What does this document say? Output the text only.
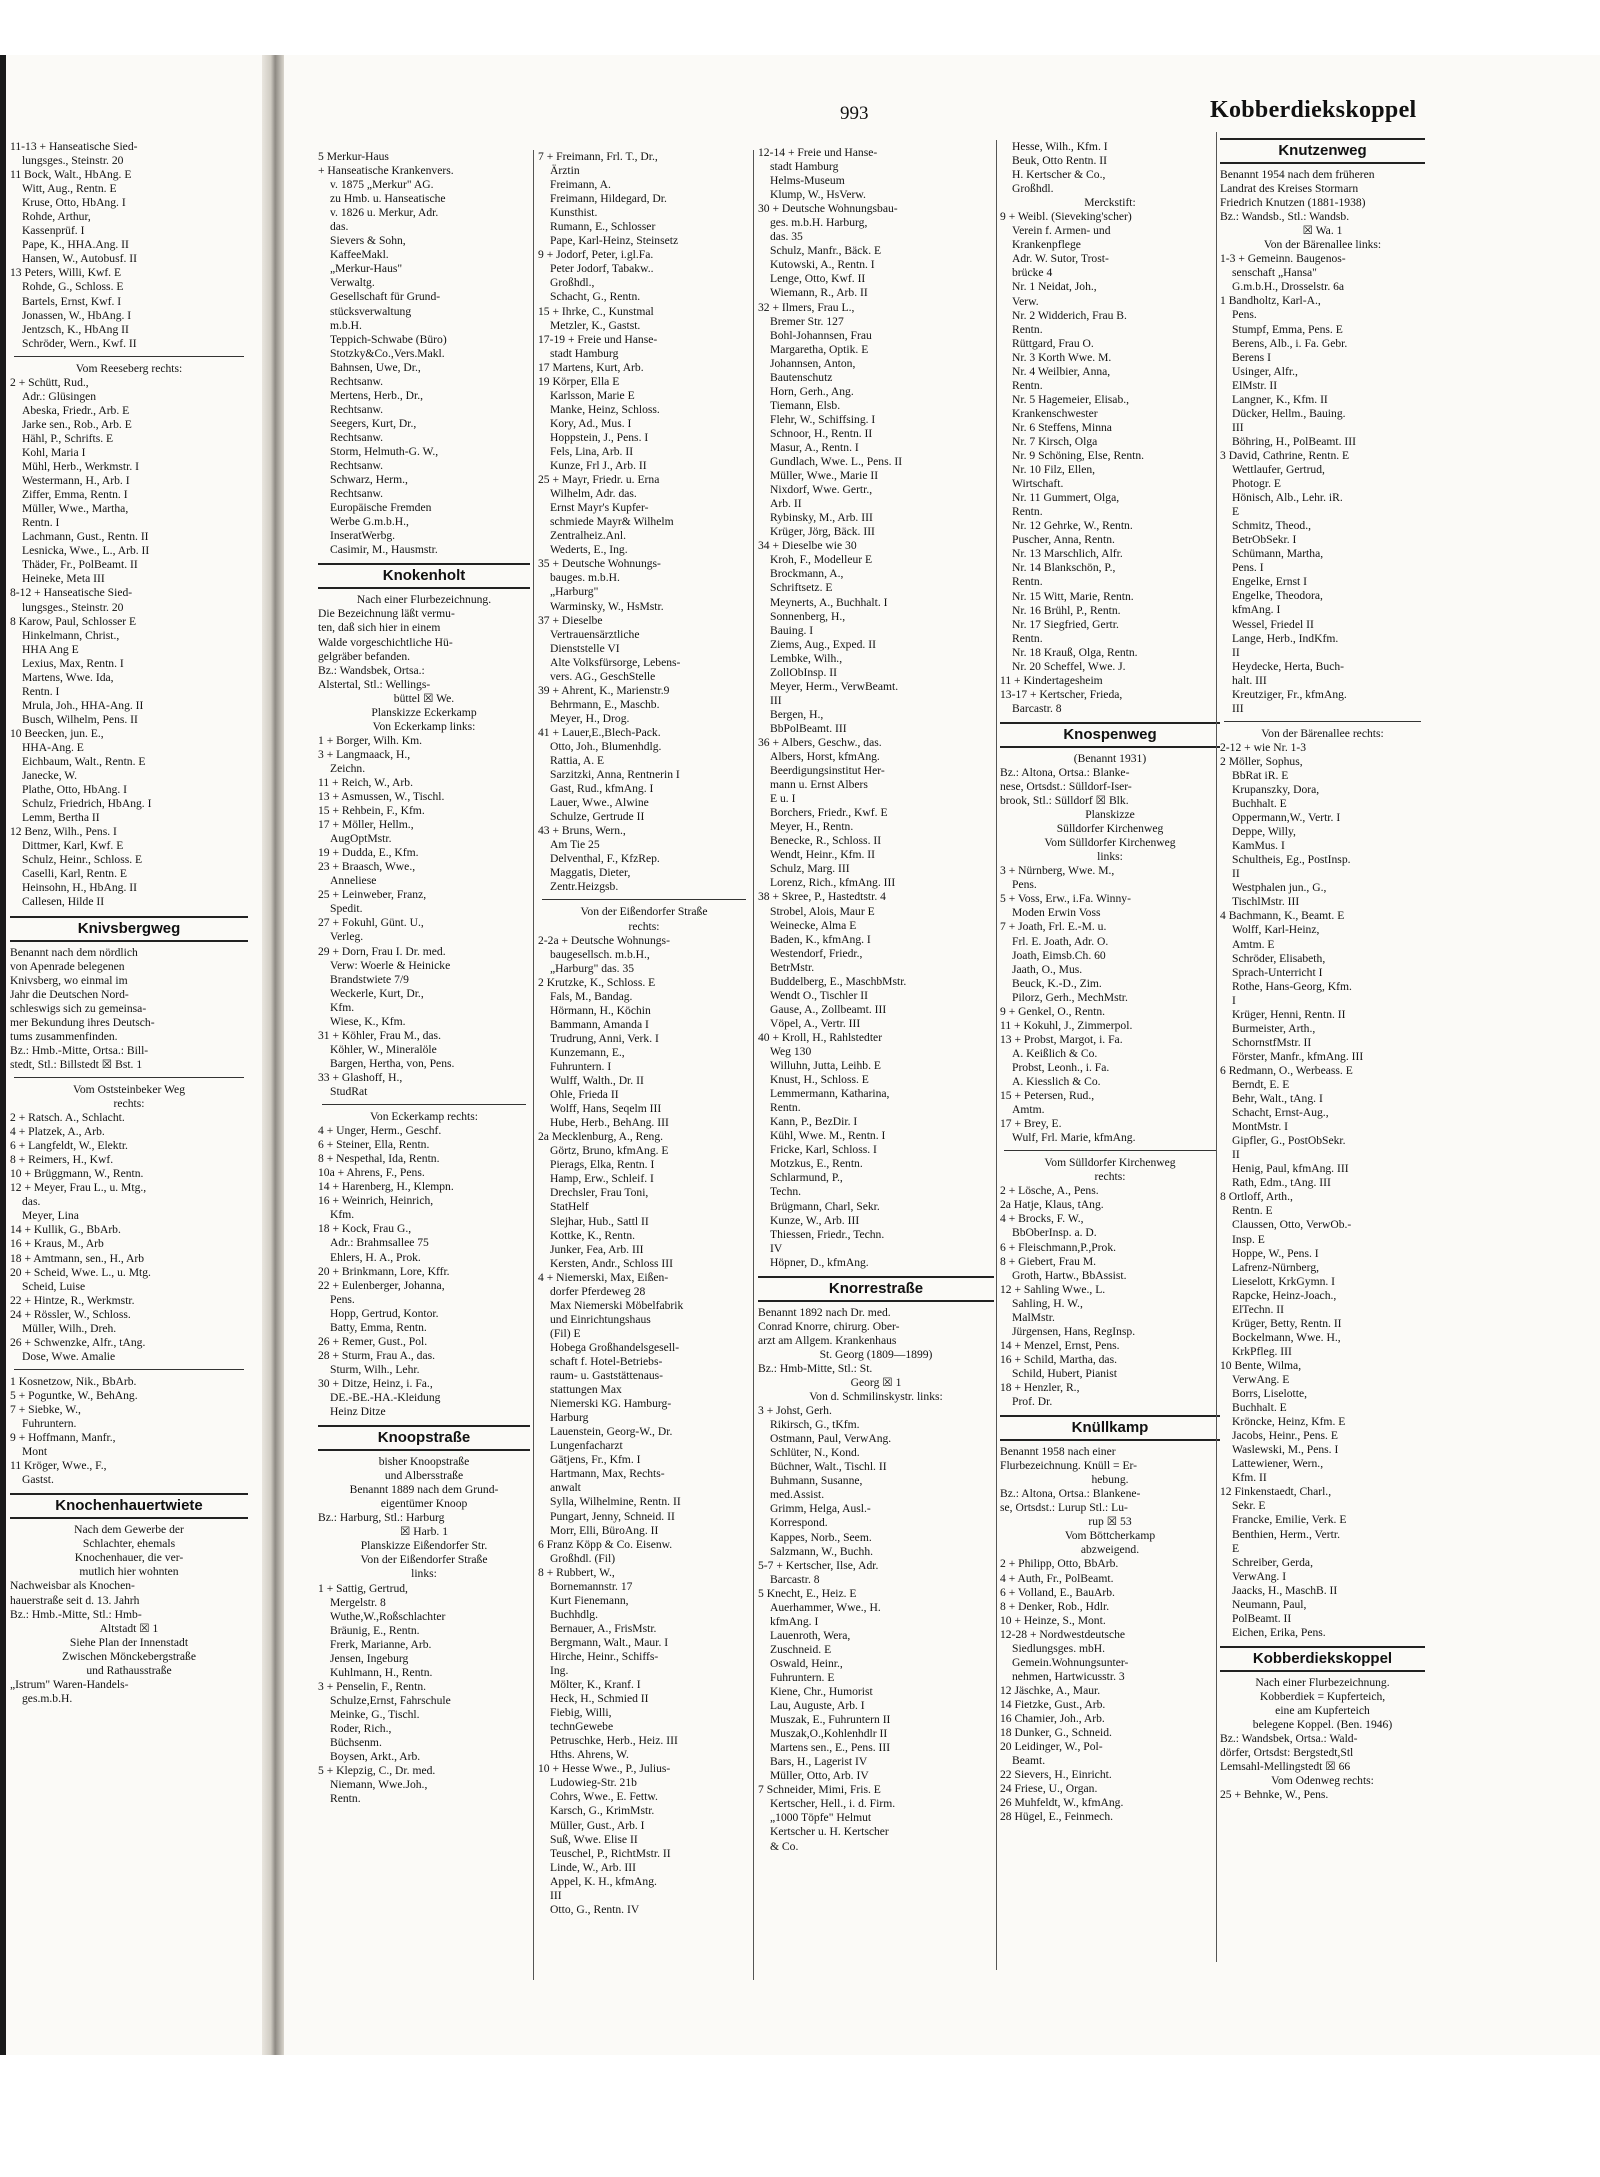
993	Kobberdiekskoppel
11-13 + Hanseatische Sied-
lungsges., Steinstr. 20
11 Bock, Walt., HbAng. E
Witt, Aug., Rentn. E
Kruse, Otto, HbAng. I
Rohde, Arthur,
Kassenprüf. I
Pape, K., HHA.Ang. II
Hansen, W., Autobusf. II
13 Peters, Willi, Kwf. E
Rohde, G., Schloss. E
Bartels, Ernst, Kwf. I
Jonassen, W., HbAng. I
Jentzsch, K., HbAng II
Schröder, Wern., Kwf. II
Vom Reeseberg rechts:
2 + Schütt, Rud.,
Adr.: Glüsingen
Abeska, Friedr., Arb. E
Jarke sen., Rob., Arb. E
Hähl, P., Schrifts. E
Kohl, Maria I
Mühl, Herb., Werkmstr. I
Westermann, H., Arb. I
Ziffer, Emma, Rentn. I
Müller, Wwe., Martha,
Rentn. I
Lachmann, Gust., Rentn. II
Lesnicka, Wwe., L., Arb. II
Thäder, Fr., PolBeamt. II
Heineke, Meta III
8-12 + Hanseatische Sied-
lungsges., Steinstr. 20
8 Karow, Paul, Schlosser E
Hinkelmann, Christ.,
HHA Ang E
Lexius, Max, Rentn. I
Martens, Wwe. Ida,
Rentn. I
Mrula, Joh., HHA-Ang. II
Busch, Wilhelm, Pens. II
10 Beecken, jun. E.,
HHA-Ang. E
Eichbaum, Walt., Rentn. E
Janecke, W.
Plathe, Otto, HbAng. I
Schulz, Friedrich, HbAng. I
Lemm, Bertha II
12 Benz, Wilh., Pens. I
Dittmer, Karl, Kwf. E
Schulz, Heinr., Schloss. E
Caselli, Karl, Rentn. E
Heinsohn, H., HbAng. II
Callesen, Hilde II
Knivsbergweg
Benannt nach dem nördlich
von Apenrade belegenen
Knivsberg, wo einmal im
Jahr die Deutschen Nord-
schleswigs sich zu gemeinsa-
mer Bekundung ihres Deutsch-
tums zusammenfinden.
Bz.: Hmb.-Mitte, Ortsa.: Bill-
stedt, Stl.: Billstedt ☒ Bst. 1
Vom Oststeinbeker Weg
rechts:
2 + Ratsch. A., Schlacht.
4 + Platzek, A., Arb.
6 + Langfeldt, W., Elektr.
8 + Reimers, H., Kwf.
10 + Brüggmann, W., Rentn.
12 + Meyer, Frau L., u. Mtg.,
das.
Meyer, Lina
14 + Kullik, G., BbArb.
16 + Kraus, M., Arb
18 + Amtmann, sen., H., Arb
20 + Scheid, Wwe. L., u. Mtg.
Scheid, Luise
22 + Hintze, R., Werkmstr.
24 + Rössler, W., Schloss.
Müller, Wilh., Dreh.
26 + Schwenzke, Alfr., tAng.
Dose, Wwe. Amalie
1 Kosnetzow, Nik., BbArb.
5 + Poguntke, W., BehAng.
7 + Siebke, W.,
Fuhruntern.
9 + Hoffmann, Manfr.,
Mont
11 Kröger, Wwe., F.,
Gastst.
Knochenhauertwiete
Nach dem Gewerbe der
Schlachter, ehemals
Knochenhauer, die ver-
mutlich hier wohnten
Nachweisbar als Knochen-
hauerstraße seit d. 13. Jahrh
Bz.: Hmb.-Mitte, Stl.: Hmb-
Altstadt ☒ 1
Siehe Plan der Innenstadt
Zwischen Mönckebergstraße
und Rathausstraße
„Istrum" Waren-Handels-
ges.m.b.H.
5 Merkur-Haus
+ Hanseatische Krankenvers.
v. 1875 „Merkur" AG.
zu Hmb. u. Hanseatische
v. 1826 u. Merkur, Adr.
das.
Sievers & Sohn,
KaffeeMakl.
„Merkur-Haus"
Verwaltg.
Gesellschaft für Grund-
stücksverwaltung
m.b.H.
Teppich-Schwabe (Büro)
Stotzky&Co.,Vers.Makl.
Bahnsen, Uwe, Dr.,
Rechtsanw.
Mertens, Herb., Dr.,
Rechtsanw.
Seegers, Kurt, Dr.,
Rechtsanw.
Storm, Helmuth-G. W.,
Rechtsanw.
Schwarz, Herm.,
Rechtsanw.
Europäische Fremden
Werbe G.m.b.H.,
InseratWerbg.
Casimir, M., Hausmstr.
Knokenholt
Nach einer Flurbezeichnung.
Die Bezeichnung läßt vermu-
ten, daß sich hier in einem
Walde vorgeschichtliche Hü-
gelgräber befanden.
Bz.: Wandsbek, Ortsa.:
Alstertal, Stl.: Wellings-
büttel ☒ We.
Planskizze Eckerkamp
Von Eckerkamp links:
1 + Borger, Wilh. Km.
3 + Langmaack, H.,
Zeichn.
11 + Reich, W., Arb.
13 + Asmussen, W., Tischl.
15 + Rehbein, F., Kfm.
17 + Möller, Hellm.,
AugOptMstr.
19 + Dudda, E., Kfm.
23 + Braasch, Wwe.,
Anneliese
25 + Leinweber, Franz,
Spedit.
27 + Fokuhl, Günt. U.,
Verleg.
29 + Dorn, Frau I. Dr. med.
Verw: Woerle & Heinicke
Brandstwiete 7/9
Weckerle, Kurt, Dr.,
Kfm.
Wiese, K., Kfm.
31 + Köhler, Frau M., das.
Köhler, W., Mineralöle
Bargen, Hertha, von, Pens.
33 + Glashoff, H.,
StudRat
Von Eckerkamp rechts:
4 + Unger, Herm., Geschf.
6 + Steiner, Ella, Rentn.
8 + Nespethal, Ida, Rentn.
10a + Ahrens, F., Pens.
14 + Harenberg, H., Klempn.
16 + Weinrich, Heinrich,
Kfm.
18 + Kock, Frau G.,
Adr.: Brahmsallee 75
Ehlers, H. A., Prok.
20 + Brinkmann, Lore, Kffr.
22 + Eulenberger, Johanna,
Pens.
Hopp, Gertrud, Kontor.
Batty, Emma, Rentn.
26 + Remer, Gust., Pol.
28 + Sturm, Frau A., das.
Sturm, Wilh., Lehr.
30 + Ditze, Heinz, i. Fa.,
DE.-BE.-HA.-Kleidung
Heinz Ditze
Knoopstraße
bisher Knoopstraße
und Albersstraße
Benannt 1889 nach dem Grund-
eigentümer Knoop
Bz.: Harburg, Stl.: Harburg
☒ Harb. 1
Planskizze Eißendorfer Str.
Von der Eißendorfer Straße
links:
1 + Sattig, Gertrud,
Mergelstr. 8
Wuthe,W.,Roßschlachter
Bräunig, E., Rentn.
Frerk, Marianne, Arb.
Jensen, Ingeburg
Kuhlmann, H., Rentn.
3 + Penselin, F., Rentn.
Schulze,Ernst, Fahrschule
Meinke, G., Tischl.
Roder, Rich.,
Büchsenm.
Boysen, Arkt., Arb.
5 + Klepzig, C., Dr. med.
Niemann, Wwe.Joh.,
Rentn.
7 + Freimann, Frl. T., Dr.,
Ärztin
Freimann, A.
Freimann, Hildegard, Dr.
Kunsthist.
Rumann, E., Schlosser
Pape, Karl-Heinz, Steinsetz
9 + Jodorf, Peter, i.gl.Fa.
Peter Jodorf, Tabakw..
Großhdl.,
Schacht, G., Rentn.
15 + Ihrke, C., Kunstmal
Metzler, K., Gastst.
17-19 + Freie und Hanse-
stadt Hamburg
17 Martens, Kurt, Arb.
19 Körper, Ella E
Karlsson, Marie E
Manke, Heinz, Schloss.
Kory, Ad., Mus. I
Hoppstein, J., Pens. I
Fels, Lina, Arb. II
Kunze, Frl J., Arb. II
25 + Mayr, Friedr. u. Erna
Wilhelm, Adr. das.
Ernst Mayr's Kupfer-
schmiede Mayr& Wilhelm
Zentralheiz.Anl.
Wederts, E., Ing.
35 + Deutsche Wohnungs-
bauges. m.b.H.
„Harburg"
Warminsky, W., HsMstr.
37 + Dieselbe
Vertrauensärztliche
Dienststelle VI
Alte Volksfürsorge, Lebens-
vers. AG., GeschStelle
39 + Ahrent, K., Marienstr.9
Behrmann, E., Maschb.
Meyer, H., Drog.
41 + Lauer,E.,Blech-Pack.
Otto, Joh., Blumenhdlg.
Rattia, A. E
Sarzitzki, Anna, Rentnerin I
Gast, Rud., kfmAng. I
Lauer, Wwe., Alwine
Schulze, Gertrude II
43 + Bruns, Wern.,
Am Tie 25
Delventhal, F., KfzRep.
Maggatis, Dieter,
Zentr.Heizgsb.
Von der Eißendorfer Straße
rechts:
2-2a + Deutsche Wohnungs-
baugesellsch. m.b.H.,
„Harburg" das. 35
2 Krutzke, K., Schloss. E
Fals, M., Bandag.
Hörmann, H., Köchin
Bammann, Amanda I
Trudrung, Anni, Verk. I
Kunzemann, E.,
Fuhruntern. I
Wulff, Walth., Dr. II
Ohle, Frieda II
Wolff, Hans, Seqelm III
Hube, Herb., BehAng. III
2a Mecklenburg, A., Reng.
Görtz, Bruno, kfmAng. E
Pierags, Elka, Rentn. I
Hamp, Erw., Schleif. I
Drechsler, Frau Toni,
StatHelf
Slejhar, Hub., Sattl II
Kottke, K., Rentn.
Junker, Fea, Arb. III
Kersten, Andr., Schloss III
4 + Niemerski, Max, Eißen-
dorfer Pferdeweg 28
Max Niemerski Möbelfabrik
und Einrichtungshaus
(Fil) E
Hobega Großhandelsgesell-
schaft f. Hotel-Betriebs-
raum- u. Gaststättenaus-
stattungen Max
Niemerski KG. Hamburg-
Harburg
Lauenstein, Georg-W., Dr.
Lungenfacharzt
Gätjens, Fr., Kfm. I
Hartmann, Max, Rechts-
anwalt
Sylla, Wilhelmine, Rentn. II
Pungart, Jenny, Schneid. II
Morr, Elli, BüroAng. II
6 Franz Köpp & Co. Eisenw.
Großhdl. (Fil)
8 + Rubbert, W.,
Bornemannstr. 17
Kurt Fienemann,
Buchhdlg.
Bernauer, A., FrisMstr.
Bergmann, Walt., Maur. I
Hirche, Heinr., Schiffs-
Ing.
Mölter, K., Kranf. I
Heck, H., Schmied II
Fiebig, Willi,
technGewebe
Petruschke, Herb., Heiz. III
Hths. Ahrens, W.
10 + Hesse Wwe., P., Julius-
Ludowieg-Str. 21b
Cohrs, Wwe., E. Fettw.
Karsch, G., KrimMstr.
Müller, Gust., Arb. I
Suß, Wwe. Elise II
Teuschel, P., RichtMstr. II
Linde, W., Arb. III
Appel, K. H., kfmAng.
III
Otto, G., Rentn. IV
12-14 + Freie und Hanse-
stadt Hamburg
Helms-Museum
Klump, W., HsVerw.
30 + Deutsche Wohnungsbau-
ges. m.b.H. Harburg,
das. 35
Schulz, Manfr., Bäck. E
Kutowski, A., Rentn. I
Lenge, Otto, Kwf. II
Wiemann, R., Arb. II
32 + Ilmers, Frau L.,
Bremer Str. 127
Bohl-Johannsen, Frau
Margaretha, Optik. E
Johannsen, Anton,
Bautenschutz
Horn, Gerh., Ang.
Tiemann, Elsb.
Flehr, W., Schiffsing. I
Schnoor, H., Rentn. II
Masur, A., Rentn. I
Gundlach, Wwe. L., Pens. II
Müller, Wwe., Marie II
Nixdorf, Wwe. Gertr.,
Arb. II
Rybinsky, M., Arb. III
Krüger, Jörg, Bäck. III
34 + Dieselbe wie 30
Kroh, F., Modelleur E
Brockmann, A.,
Schriftsetz. E
Meynerts, A., Buchhalt. I
Sonnenberg, H.,
Bauing. I
Ziems, Aug., Exped. II
Lembke, Wilh.,
ZollObInsp. II
Meyer, Herm., VerwBeamt.
III
Bergen, H.,
BbPolBeamt. III
36 + Albers, Geschw., das.
Albers, Horst, kfmAng.
Beerdigungsinstitut Her-
mann u. Ernst Albers
E u. I
Borchers, Friedr., Kwf. E
Meyer, H., Rentn.
Benecke, R., Schloss. II
Wendt, Heinr., Kfm. II
Schulz, Marg. III
Lorenz, Rich., kfmAng. III
38 + Skree, P., Hastedtstr. 4
Strobel, Alois, Maur E
Weinecke, Alma E
Baden, K., kfmAng. I
Westendorf, Friedr.,
BetrMstr.
Buddelberg, E., MaschbMstr.
Wendt O., Tischler II
Gause, A., Zollbeamt. III
Vöpel, A., Vertr. III
40 + Kroll, H., Rahlstedter
Weg 130
Willuhn, Jutta, Leihb. E
Knust, H., Schloss. E
Lemmermann, Katharina,
Rentn.
Kann, P., BezDir. I
Kühl, Wwe. M., Rentn. I
Fricke, Karl, Schloss. I
Motzkus, E., Rentn.
Schlarmund, P.,
Techn.
Brügmann, Charl, Sekr.
Kunze, W., Arb. III
Thiessen, Friedr., Techn.
IV
Höpner, D., kfmAng.
Knorrestraße
Benannt 1892 nach Dr. med.
Conrad Knorre, chirurg. Ober-
arzt am Allgem. Krankenhaus
St. Georg (1809—1899)
Bz.: Hmb-Mitte, Stl.: St.
Georg ☒ 1
Von d. Schmilinskystr. links:
3 + Johst, Gerh.
Rikirsch, G., tKfm.
Ostmann, Paul, VerwAng.
Schlüter, N., Kond.
Büchner, Walt., Tischl. II
Buhmann, Susanne,
med.Assist.
Grimm, Helga, Ausl.-
Korrespond.
Kappes, Norb., Seem.
Salzmann, W., Buchh.
5-7 + Kertscher, Ilse, Adr.
Barcastr. 8
5 Knecht, E., Heiz. E
Auerhammer, Wwe., H.
kfmAng. I
Lauenroth, Wera,
Zuschneid. E
Oswald, Heinr.,
Fuhruntern. E
Kiene, Chr., Humorist
Lau, Auguste, Arb. I
Muszak, E., Fuhruntern II
Muszak,O.,Kohlenhdlr II
Martens sen., E., Pens. III
Bars, H., Lagerist IV
Müller, Otto, Arb. IV
7 Schneider, Mimi, Fris. E
Kertscher, Hell., i. d. Firm.
„1000 Töpfe" Helmut
Kertscher u. H. Kertscher
& Co.
Hesse, Wilh., Kfm. I
Beuk, Otto Rentn. II
H. Kertscher & Co.,
Großhdl.
Merckstift:
9 + Weibl. (Sieveking'scher)
Verein f. Armen- und
Krankenpflege
Adr. W. Sutor, Trost-
brücke 4
Nr. 1 Neidat, Joh.,
Verw.
Nr. 2 Widderich, Frau B.
Rentn.
Rüttgard, Frau O.
Nr. 3 Korth Wwe. M.
Nr. 4 Weilbier, Anna,
Rentn.
Nr. 5 Hagemeier, Elisab.,
Krankenschwester
Nr. 6 Steffens, Minna
Nr. 7 Kirsch, Olga
Nr. 9 Schöning, Else, Rentn.
Nr. 10 Filz, Ellen,
Wirtschaft.
Nr. 11 Gummert, Olga,
Rentn.
Nr. 12 Gehrke, W., Rentn.
Puscher, Anna, Rentn.
Nr. 13 Marschlich, Alfr.
Nr. 14 Blankschön, P.,
Rentn.
Nr. 15 Witt, Marie, Rentn.
Nr. 16 Brühl, P., Rentn.
Nr. 17 Siegfried, Gertr.
Rentn.
Nr. 18 Krauß, Olga, Rentn.
Nr. 20 Scheffel, Wwe. J.
11 + Kindertagesheim
13-17 + Kertscher, Frieda,
Barcastr. 8
Knospenweg
(Benannt 1931)
Bz.: Altona, Ortsa.: Blanke-
nese, Ortsdst.: Sülldorf-Iser-
brook, Stl.: Sülldorf ☒ Blk.
Planskizze
Sülldorfer Kirchenweg
Vom Sülldorfer Kirchenweg
links:
3 + Nürnberg, Wwe. M.,
Pens.
5 + Voss, Erw., i.Fa. Winny-
Moden Erwin Voss
7 + Joath, Frl. E.-M. u.
Frl. E. Joath, Adr. O.
Joath, Eimsb.Ch. 60
Jaath, O., Mus.
Beuck, K.-D., Zim.
Pilorz, Gerh., MechMstr.
9 + Genkel, O., Rentn.
11 + Kokuhl, J., Zimmerpol.
13 + Probst, Margot, i. Fa.
A. Keißlich & Co.
Probst, Leonh., i. Fa.
A. Kiesslich & Co.
15 + Petersen, Rud.,
Amtm.
17 + Brey, E.
Wulf, Frl. Marie, kfmAng.
Vom Sülldorfer Kirchenweg
rechts:
2 + Lösche, A., Pens.
2a Hatje, Klaus, tAng.
4 + Brocks, F. W.,
BbOberInsp. a. D.
6 + Fleischmann,P.,Prok.
8 + Giebert, Frau M.
Groth, Hartw., BbAssist.
12 + Sahling Wwe., L.
Sahling, H. W.,
MalMstr.
Jürgensen, Hans, RegInsp.
14 + Menzel, Ernst, Pens.
16 + Schild, Martha, das.
Schild, Hubert, Pianist
18 + Henzler, R.,
Prof. Dr.
Knüllkamp
Benannt 1958 nach einer
Flurbezeichnung. Knüll = Er-
hebung.
Bz.: Altona, Ortsa.: Blankene-
se, Ortsdst.: Lurup Stl.: Lu-
rup ☒ 53
Vom Böttcherkamp
abzweigend.
2 + Philipp, Otto, BbArb.
4 + Auth, Fr., PolBeamt.
6 + Volland, E., BauArb.
8 + Denker, Rob., Hdlr.
10 + Heinze, S., Mont.
12-28 + Nordwestdeutsche
Siedlungsges. mbH.
Gemein.Wohnungsunter-
nehmen, Hartwicusstr. 3
12 Jäschke, A., Maur.
14 Fietzke, Gust., Arb.
16 Chamier, Joh., Arb.
18 Dunker, G., Schneid.
20 Leidinger, W., Pol-
Beamt.
22 Sievers, H., Einricht.
24 Friese, U., Organ.
26 Muhfeldt, W., kfmAng.
28 Hügel, E., Feinmech.
Knutzenweg
Benannt 1954 nach dem früheren
Landrat des Kreises Stormarn
Friedrich Knutzen (1881-1938)
Bz.: Wandsb., Stl.: Wandsb.
☒ Wa. 1
Von der Bärenallee links:
1-3 + Gemeinn. Baugenos-
senschaft „Hansa"
G.m.b.H., Drosselstr. 6a
1 Bandholtz, Karl-A.,
Pens.
Stumpf, Emma, Pens. E
Berens, Alb., i. Fa. Gebr.
Berens I
Usinger, Alfr.,
ElMstr. II
Langner, K., Kfm. II
Dücker, Hellm., Bauing.
III
Böhring, H., PolBeamt. III
3 David, Cathrine, Rentn. E
Wettlaufer, Gertrud,
Photogr. E
Hönisch, Alb., Lehr. iR.
E
Schmitz, Theod.,
BetrObSekr. I
Schümann, Martha,
Pens. I
Engelke, Ernst I
Engelke, Theodora,
kfmAng. I
Wessel, Friedel II
Lange, Herb., IndKfm.
II
Heydecke, Herta, Buch-
halt. III
Kreutziger, Fr., kfmAng.
III
Von der Bärenallee rechts:
2-12 + wie Nr. 1-3
2 Möller, Sophus,
BbRat iR. E
Krupanszky, Dora,
Buchhalt. E
Oppermann,W., Vertr. I
Deppe, Willy,
KamMus. I
Schultheis, Eg., PostInsp.
II
Westphalen jun., G.,
TischlMstr. III
4 Bachmann, K., Beamt. E
Wolff, Karl-Heinz,
Amtm. E
Schröder, Elisabeth,
Sprach-Unterricht I
Rothe, Hans-Georg, Kfm.
I
Krüger, Henni, Rentn. II
Burmeister, Arth.,
SchornstfMstr. II
Förster, Manfr., kfmAng. III
6 Redmann, O., Werbeass. E
Berndt, E. E
Behr, Walt., tAng. I
Schacht, Ernst-Aug.,
MontMstr. I
Gipfler, G., PostObSekr.
II
Henig, Paul, kfmAng. III
Rath, Edm., tAng. III
8 Ortloff, Arth.,
Rentn. E
Claussen, Otto, VerwOb.-
Insp. E
Hoppe, W., Pens. I
Lafrenz-Nürnberg,
Lieselott, KrkGymn. I
Rapcke, Heinz-Joach.,
ElTechn. II
Krüger, Betty, Rentn. II
Bockelmann, Wwe. H.,
KrkPfleg. III
10 Bente, Wilma,
VerwAng. E
Borrs, Liselotte,
Buchhalt. E
Kröncke, Heinz, Kfm. E
Jacobs, Heinr., Pens. E
Waslewski, M., Pens. I
Lattewiener, Wern.,
Kfm. II
12 Finkenstaedt, Charl.,
Sekr. E
Francke, Emilie, Verk. E
Benthien, Herm., Vertr.
E
Schreiber, Gerda,
VerwAng. I
Jaacks, H., MaschB. II
Neumann, Paul,
PolBeamt. II
Eichen, Erika, Pens.
Kobberdiekskoppel
Nach einer Flurbezeichnung.
Kobberdiek = Kupferteich,
eine am Kupferteich
belegene Koppel. (Ben. 1946)
Bz.: Wandsbek, Ortsa.: Wald-
dörfer, Ortsdst: Bergstedt,Stl
Lemsahl-Mellingstedt ☒ 66
Vom Odenweg rechts:
25 + Behnke, W., Pens.
